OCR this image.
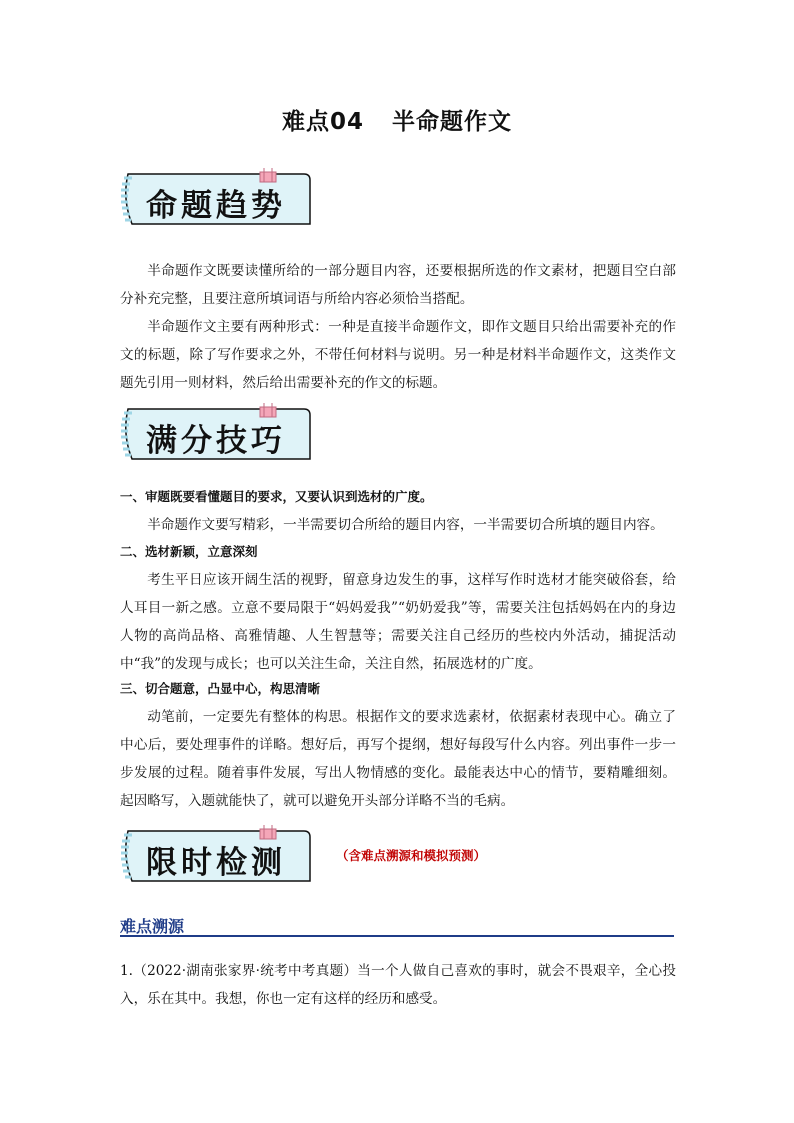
难点04 半命题作文
命题趋势

半命题作文既要读懂所给的一部分题目内容，还要根据所选的作文素材，把题目空白部分补充完整，且要注意所填词语与所给内容必须恰当搭配。

半命题作文主要有两种形式：一种是直接半命题作文，即作文题目只给出需要补充的作文的标题，除了写作要求之外，不带任何材料与说明。另一种是材料半命题作文，这类作文题先引用一则材料，然后给出需要补充的作文的标题。

满分技巧
一、审题既要看懂题目的要求，又要认识到选材的广度。

半命题作文要写精彩，一半需要切合所给的题目内容，一半需要切合所填的题目内容。

二、选材新颖，立意深刻

考生平日应该开阔生活的视野，留意身边发生的事，这样写作时选材才能突破俗套，给人耳目一新之感。立意不要局限于“妈妈爱我”“奶奶爱我”等，需要关注包括妈妈在内的身边人物的高尚品格、高雅情趣、人生智慧等；需要关注自己经历的些校内外活动，捕捉活动中“我”的发现与成长；也可以关注生命，关注自然，拓展选材的广度。

三、切合题意，凸显中心，构思清晰

动笔前，一定要先有整体的构思。根据作文的要求选素材，依据素材表现中心。确立了中心后，要处理事件的详略。想好后，再写个提纲，想好每段写什么内容。列出事件一步一步发展的过程。随着事件发展，写出人物情感的变化。最能表达中心的情节，要精雕细刻。起因略写，入题就能快了，就可以避免开头部分详略不当的毛病。

限时检测	（含难点溯源和模拟预测）
难点溯源

1.（2022·湖南张家界·统考中考真题）当一个人做自己喜欢的事时，就会不畏艰辛，全心投入，乐在其中。我想，你也一定有这样的经历和感受。
